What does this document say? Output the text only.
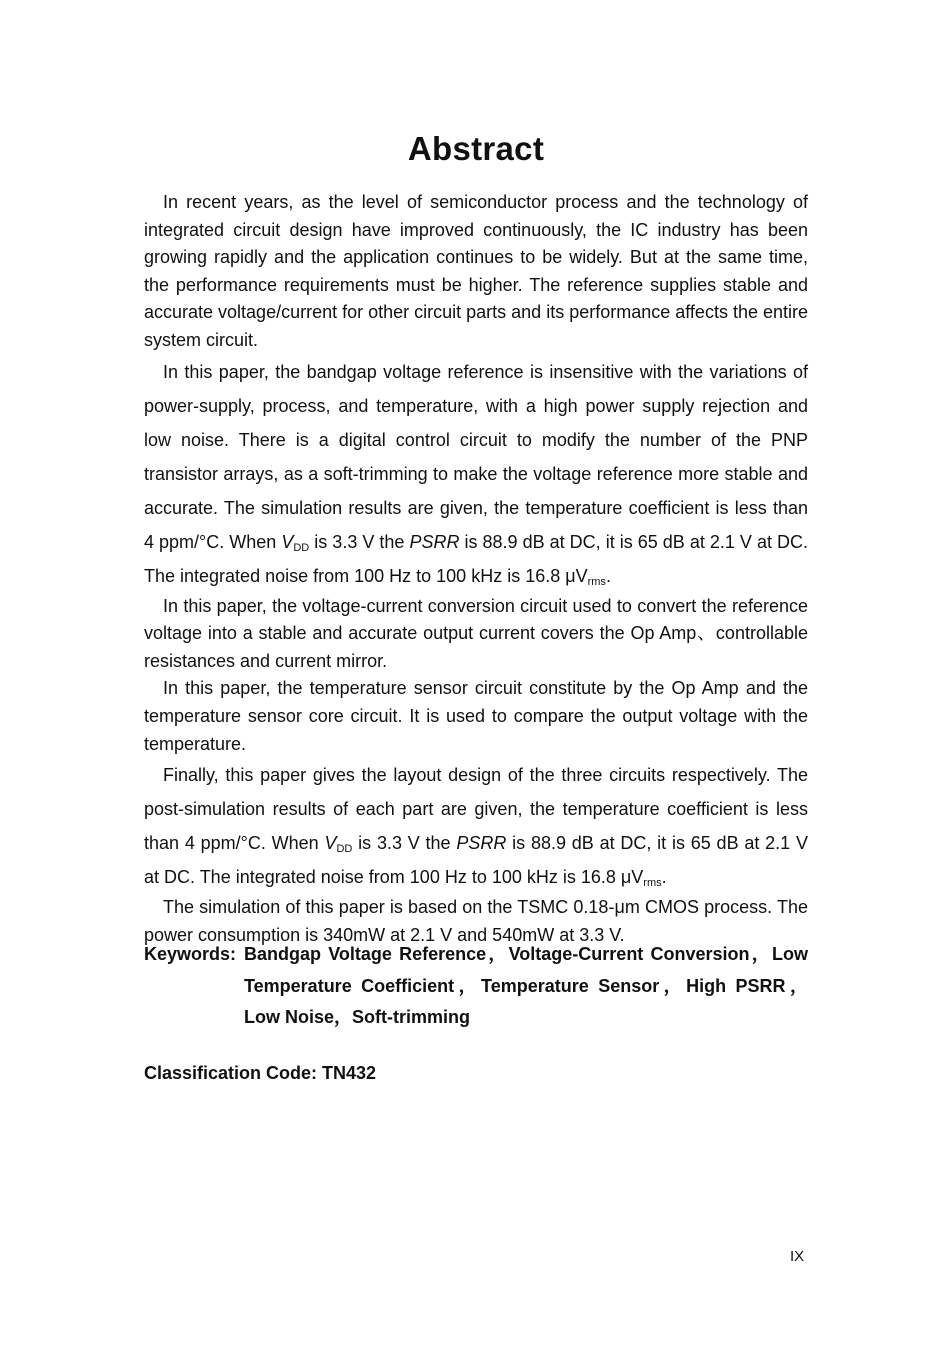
Abstract

In recent years, as the level of semiconductor process and the technology of integrated circuit design have improved continuously, the IC industry has been growing rapidly and the application continues to be widely. But at the same time, the performance requirements must be higher. The reference supplies stable and accurate voltage/current for other circuit parts and its performance affects the entire system circuit.

In this paper, the bandgap voltage reference is insensitive with the variations of power-supply, process, and temperature, with a high power supply rejection and low noise. There is a digital control circuit to modify the number of the PNP transistor arrays, as a soft-trimming to make the voltage reference more stable and accurate. The simulation results are given, the temperature coefficient is less than 4 ppm/°C. When $V_{DD}$ is 3.3 V the PSRR is 88.9 dB at DC, it is 65 dB at 2.1 V at DC. The integrated noise from 100 Hz to 100 kHz is 16.8 $\mu V_{rms}$.

In this paper, the voltage-current conversion circuit used to convert the reference voltage into a stable and accurate output current covers the Op Amp、controllable resistances and current mirror.

In this paper, the temperature sensor circuit constitute by the Op Amp and the temperature sensor core circuit. It is used to compare the output voltage with the temperature.

Finally, this paper gives the layout design of the three circuits respectively. The post-simulation results of each part are given, the temperature coefficient is less than 4 ppm/°C. When $V_{DD}$ is 3.3 V the PSRR is 88.9 dB at DC, it is 65 dB at 2.1 V at DC. The integrated noise from 100 Hz to 100 kHz is 16.8 $\mu V_{rms}$.

The simulation of this paper is based on the TSMC 0.18-μm CMOS process. The power consumption is 340mW at 2.1 V and 540mW at 3.3 V.

Keywords: Bandgap Voltage Reference，Voltage-Current Conversion，Low Temperature Coefficient，Temperature Sensor，High PSRR，Low Noise，Soft-trimming
Classification Code: TN432
IX
